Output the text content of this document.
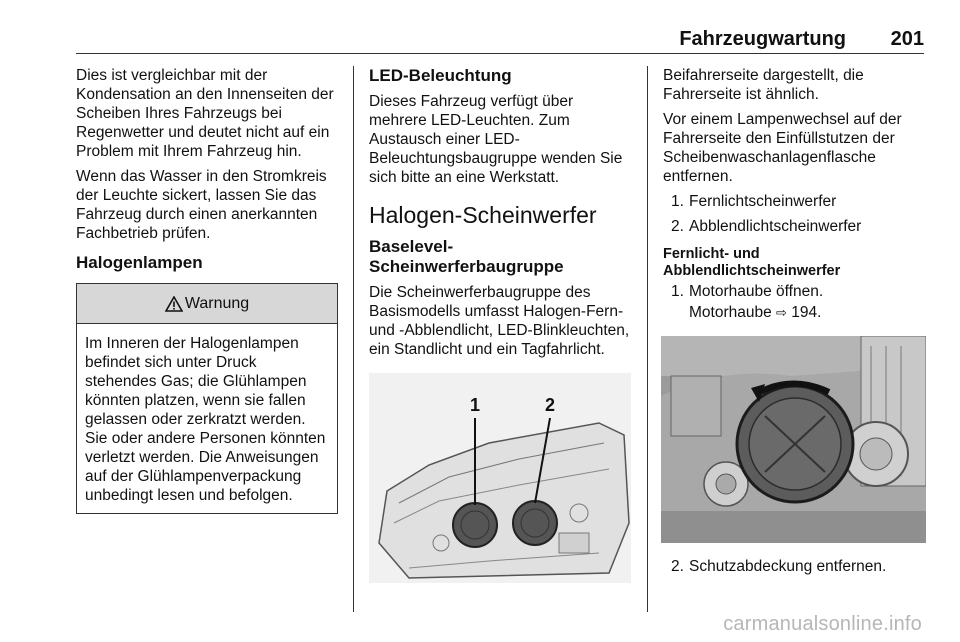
Fahrzeugwartung 201

Dies ist vergleichbar mit der Kondensation an den Innenseiten der Scheiben Ihres Fahrzeugs bei Regenwetter und deutet nicht auf ein Problem mit Ihrem Fahrzeug hin.

Wenn das Wasser in den Stromkreis der Leuchte sickert, lassen Sie das Fahrzeug durch einen anerkannten Fachbetrieb prüfen.

Halogenlampen
Warnung
Im Inneren der Halogenlampen befindet sich unter Druck stehendes Gas; die Glühlampen könnten platzen, wenn sie fallen gelassen oder zerkratzt werden. Sie oder andere Personen könnten verletzt werden. Die Anweisungen auf der Glühlampenverpackung unbedingt lesen und befolgen.
LED-Beleuchtung

Dieses Fahrzeug verfügt über mehrere LED-Leuchten. Zum Austausch einer LED-Beleuchtungsbaugruppe wenden Sie sich bitte an eine Werkstatt.

Halogen-Scheinwerfer
Baselevel-Scheinwerferbaugruppe

Die Scheinwerferbaugruppe des Basismodells umfasst Halogen-Fern- und -Abblendlicht, LED-Blinkleuchten, ein Standlicht und ein Tagfahrlicht.

1	2

Beifahrerseite dargestellt, die Fahrerseite ist ähnlich.

Vor einem Lampenwechsel auf der Fahrerseite den Einfüllstutzen der Scheibenwaschanlagenflasche entfernen.

1. Fernlichtscheinwerfer
2. Abblendlichtscheinwerfer
Fernlicht- und Abblendlichtscheinwerfer
1. Motorhaube öffnen.
Motorhaube ⇨ 194.
2. Schutzabdeckung entfernen.
carmanualsonline.info
